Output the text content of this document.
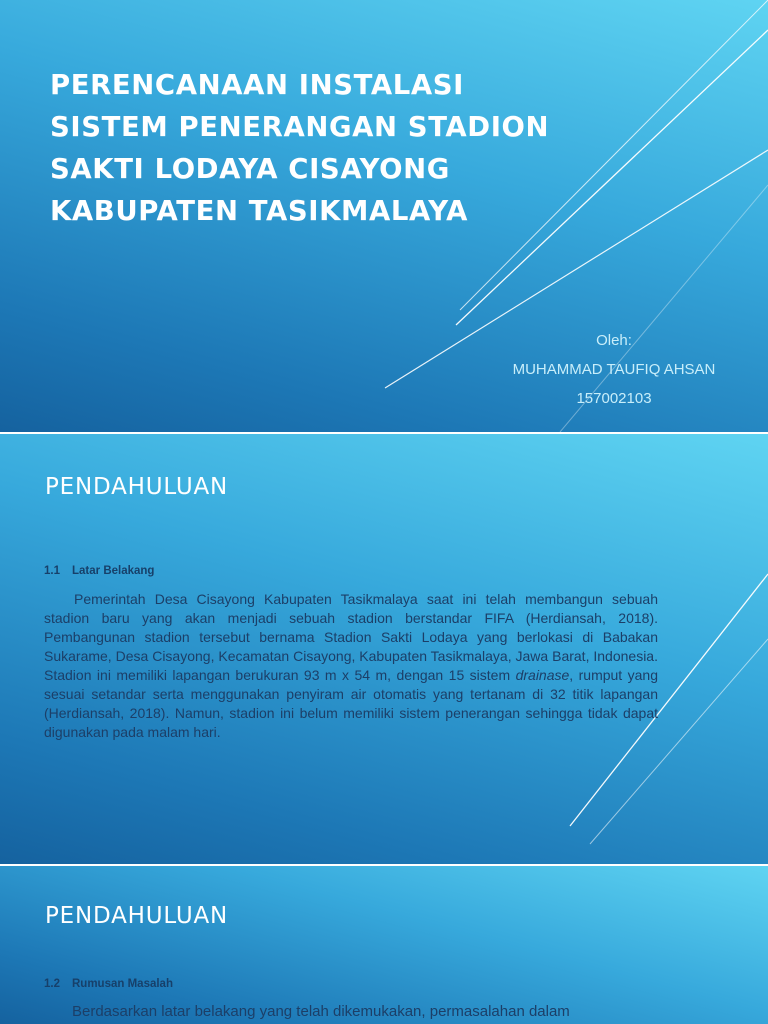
PERENCANAAN INSTALASI
SISTEM PENERANGAN STADION
SAKTI LODAYA CISAYONG
KABUPATEN TASIKMALAYA
Oleh:
MUHAMMAD TAUFIQ AHSAN
157002103
PENDAHULUAN
1.1 Latar Belakang

Pemerintah Desa Cisayong Kabupaten Tasikmalaya saat ini telah membangun sebuah stadion baru yang akan menjadi sebuah stadion berstandar FIFA (Herdiansah, 2018). Pembangunan stadion tersebut bernama Stadion Sakti Lodaya yang berlokasi di Babakan Sukarame, Desa Cisayong, Kecamatan Cisayong, Kabupaten Tasikmalaya, Jawa Barat, Indonesia. Stadion ini memiliki lapangan berukuran 93 m x 54 m, dengan 15 sistem drainase, rumput yang sesuai setandar serta menggunakan penyiram air otomatis yang tertanam di 32 titik lapangan (Herdiansah, 2018). Namun, stadion ini belum memiliki sistem penerangan sehingga tidak dapat digunakan pada malam hari.

PENDAHULUAN
1.2 Rumusan Masalah

Berdasarkan latar belakang yang telah dikemukakan, permasalahan dalam
